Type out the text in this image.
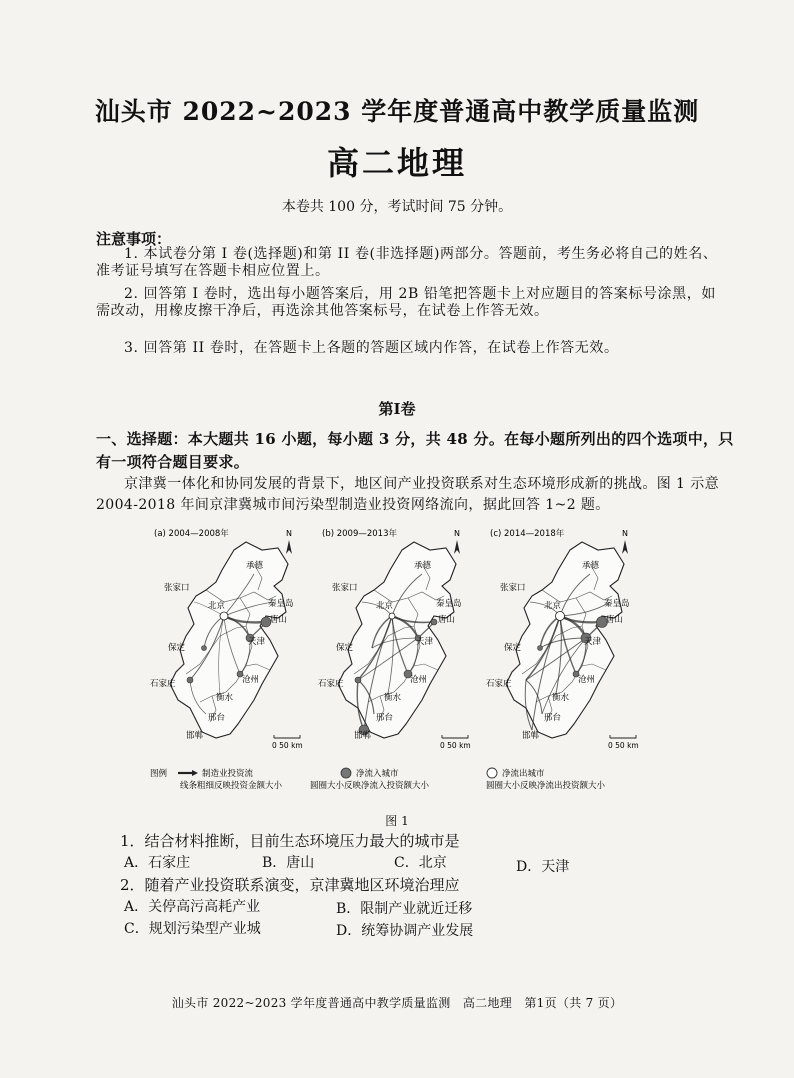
汕头市 2022~2023 学年度普通高中教学质量监测
高二地理
本卷共 100 分，考试时间 75 分钟。
注意事项：
1. 本试卷分第 I 卷(选择题)和第 II 卷(非选择题)两部分。答题前，考生务必将自己的姓名、准考证号填写在答题卡相应位置上。
2. 回答第 I 卷时，选出每小题答案后，用 2B 铅笔把答题卡上对应题目的答案标号涂黑，如需改动，用橡皮擦干净后，再选涂其他答案标号，在试卷上作答无效。
3. 回答第 II 卷时，在答题卡上各题的答题区域内作答，在试卷上作答无效。
第I卷
一、选择题：本大题共 16 小题，每小题 3 分，共 48 分。在每小题所列出的四个选项中，只有一项符合题目要求。
京津冀一体化和协同发展的背景下，地区间产业投资联系对生态环境形成新的挑战。图 1 示意 2004-2018 年间京津冀城市间污染型制造业投资网络流向，据此回答 1~2 题。
(a) 2004—2008年
承德
张家口
北京	秦皇岛
唐山
天津
保定
沧州
石家庄
衡水
邢台
邯郸
N
0 50 km
(b) 2009—2013年
承德
张家口
北京	秦皇岛
唐山
天津
保定
沧州
石家庄
衡水
邢台
邯郸
N
0 50 km
(c) 2014—2018年
承德
张家口
北京	秦皇岛
唐山
天津
保定
沧州
石家庄
衡水
邢台
邯郸
N
0 50 km
图例	制造业投资流
线条粗细反映投资金额大小
净流入城市
圆圈大小反映净流入投资额大小
净流出城市
圆圈大小反映净流出投资额大小
图 1
1．结合材料推断，目前生态环境压力最大的城市是
A．石家庄	B．唐山	C．北京	D．天津
2．随着产业投资联系演变，京津冀地区环境治理应
A．关停高污高耗产业	B．限制产业就近迁移
C．规划污染型产业城	D．统筹协调产业发展
汕头市 2022~2023 学年度普通高中教学质量监测　高二地理　第1页（共 7 页）
